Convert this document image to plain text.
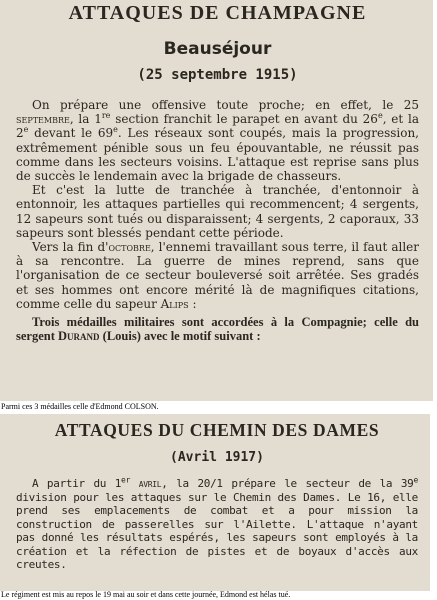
ATTAQUES DE CHAMPAGNE
Beauséjour
(25 septembre 1915)

On prépare une offensive toute proche; en effet, le 25 septembre, la 1re section franchit le parapet en avant du 26e, et la 2e devant le 69e. Les réseaux sont coupés, mais la progression, extrêmement pénible sous un feu épouvantable, ne réussit pas comme dans les secteurs voisins. L'attaque est reprise sans plus de succès le lendemain avec la brigade de chasseurs.

Et c'est la lutte de tranchée à tranchée, d'entonnoir à entonnoir, les attaques partielles qui recommencent; 4 sergents, 12 sapeurs sont tués ou disparaissent; 4 sergents, 2 caporaux, 33 sapeurs sont blessés pendant cette période.

Vers la fin d'octobre, l'ennemi travaillant sous terre, il faut aller à sa rencontre. La guerre de mines reprend, sans que l'organisation de ce secteur bouleversé soit arrêtée. Ses gradés et ses hommes ont encore mérité là de magnifiques citations, comme celle du sapeur Alips :

Trois médailles militaires sont accordées à la Compagnie; celle du sergent Durand (Louis) avec le motif suivant :

Parmi ces 3 médailles celle d'Edmond COLSON.
ATTAQUES DU CHEMIN DES DAMES
(Avril 1917)

A partir du 1er avril, la 20/1 prépare le secteur de la 39e division pour les attaques sur le Chemin des Dames. Le 16, elle prend ses emplacements de combat et a pour mission la construction de passerelles sur l'Ailette. L'attaque n'ayant pas donné les résultats espérés, les sapeurs sont employés à la création et la réfection de pistes et de boyaux d'accès aux creutes.

Le régiment est mis au repos le 19 mai au soir et dans cette journée, Edmond est hélas tué.
